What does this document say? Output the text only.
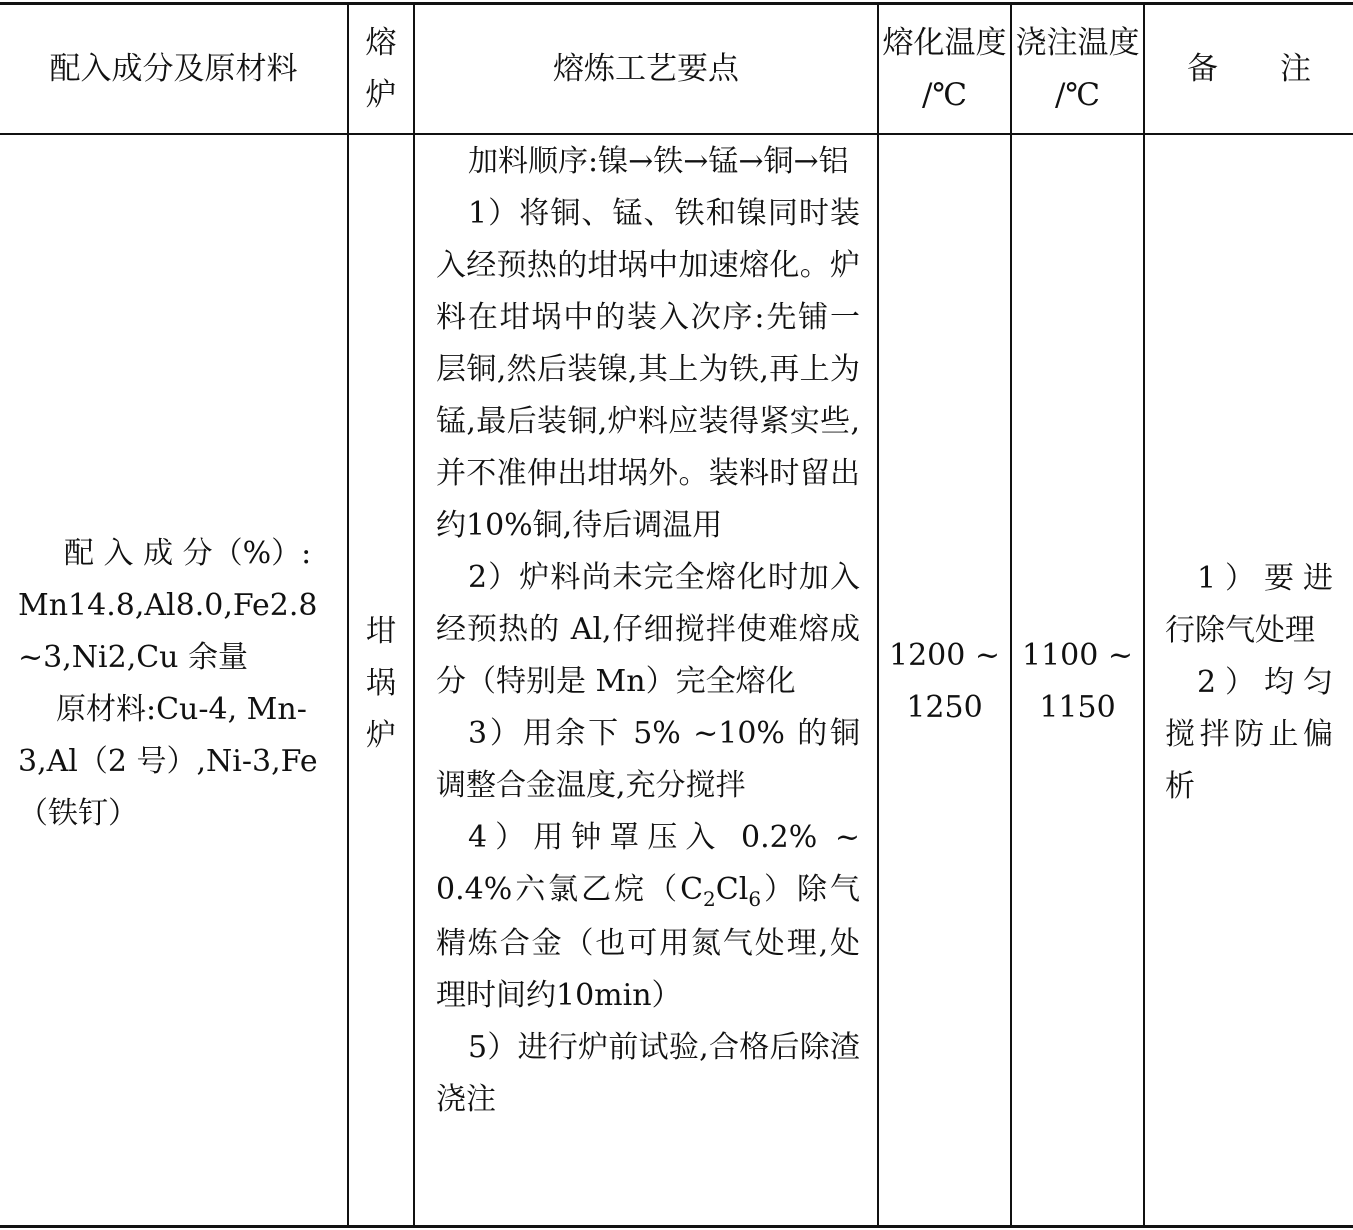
配入成分及原材料
熔炉
熔炼工艺要点
熔化温度
/℃
浇注温度
/℃
备　　注

配 入 成 分（%）:

Mn14.8,Al8.0,Fe2.8

~3,Ni2,Cu 余量

原材料:Cu-4, Mn-

3,Al（2 号）,Ni-3,Fe

（铁钉）

坩埚炉

加料顺序:镍→铁→锰→铜→铝

1）将铜、锰、铁和镍同时装入经预热的坩埚中加速熔化。炉料在坩埚中的装入次序:先铺一层铜,然后装镍,其上为铁,再上为锰,最后装铜,炉料应装得紧实些,并不准伸出坩埚外。装料时留出约10%铜,待后调温用

2）炉料尚未完全熔化时加入经预热的 Al,仔细搅拌使难熔成分（特别是 Mn）完全熔化

3）用余下 5% ~10% 的铜调整合金温度,充分搅拌

4）用钟罩压入 0.2% ~ 0.4%六氯乙烷$(C_2Cl_6)$除气精炼合金（也可用氮气处理,处理时间约10min）

5）进行炉前试验,合格后除渣浇注

1200 ~

1250

1100 ~

1150

1）要进行除气处理

2）均匀搅拌防止偏析
